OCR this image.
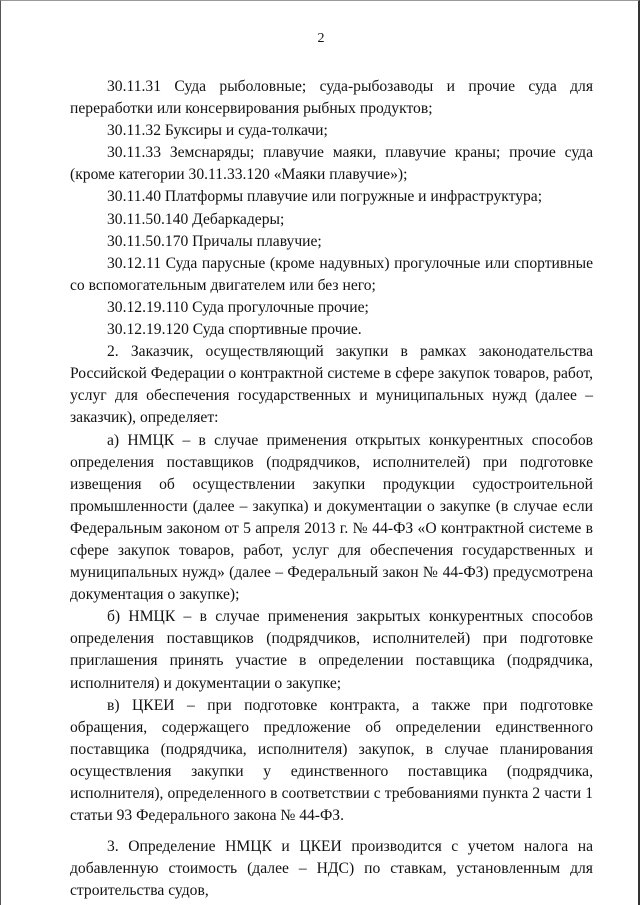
2

30.11.31 Суда рыболовные; суда-рыбозаводы и прочие суда для переработки или консервирования рыбных продуктов;

30.11.32 Буксиры и суда-толкачи;

30.11.33 Земснаряды; плавучие маяки, плавучие краны; прочие суда (кроме категории 30.11.33.120 «Маяки плавучие»);

30.11.40 Платформы плавучие или погружные и инфраструктура;

30.11.50.140 Дебаркадеры;

30.11.50.170 Причалы плавучие;

30.12.11 Суда парусные (кроме надувных) прогулочные или спортивные со вспомогательным двигателем или без него;

30.12.19.110 Суда прогулочные прочие;

30.12.19.120 Суда спортивные прочие.

2. Заказчик, осуществляющий закупки в рамках законодательства Российской Федерации о контрактной системе в сфере закупок товаров, работ, услуг для обеспечения государственных и муниципальных нужд (далее – заказчик), определяет:

а) НМЦК – в случае применения открытых конкурентных способов определения поставщиков (подрядчиков, исполнителей) при подготовке извещения об осуществлении закупки продукции судостроительной промышленности (далее – закупка) и документации о закупке (в случае если Федеральным законом от 5 апреля 2013 г. № 44-ФЗ «О контрактной системе в сфере закупок товаров, работ, услуг для обеспечения государственных и муниципальных нужд» (далее – Федеральный закон № 44-ФЗ) предусмотрена документация о закупке);

б) НМЦК – в случае применения закрытых конкурентных способов определения поставщиков (подрядчиков, исполнителей) при подготовке приглашения принять участие в определении поставщика (подрядчика, исполнителя) и документации о закупке;

в) ЦКЕИ – при подготовке контракта, а также при подготовке обращения, содержащего предложение об определении единственного поставщика (подрядчика, исполнителя) закупок, в случае планирования осуществления закупки у единственного поставщика (подрядчика, исполнителя), определенного в соответствии с требованиями пункта 2 части 1 статьи 93 Федерального закона № 44-ФЗ.

3. Определение НМЦК и ЦКЕИ производится с учетом налога на добавленную стоимость (далее – НДС) по ставкам, установленным для строительства судов,
